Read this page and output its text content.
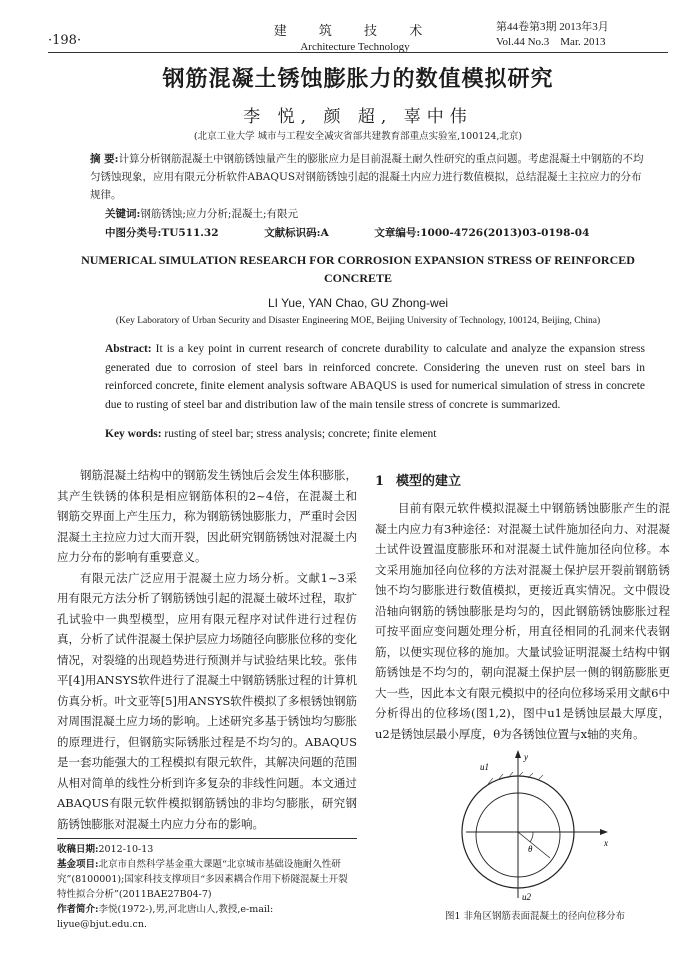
·198·
建 筑 技 术
Architecture Technology
第44卷第3期 2013年3月
Vol.44 No.3    Mar. 2013
钢筋混凝土锈蚀膨胀力的数值模拟研究
李 悦, 颜 超, 辜中伟
(北京工业大学 城市与工程安全减灾省部共建教育部重点实验室,100124,北京)
摘 要:计算分析钢筋混凝土中钢筋锈蚀量产生的膨胀应力是目前混凝土耐久性研究的重点问题。考虑混凝土中钢筋的不均匀锈蚀现象，应用有限元分析软件ABAQUS对钢筋锈蚀引起的混凝土内应力进行数值模拟，总结混凝土主拉应力的分布规律。
关键词:钢筋锈蚀;应力分析;混凝土;有限元
中图分类号:TU511.32	文献标识码:A	文章编号:1000-4726(2013)03-0198-04
NUMERICAL SIMULATION RESEARCH FOR CORROSION EXPANSION STRESS OF REINFORCED CONCRETE
LI Yue, YAN Chao, GU Zhong-wei
(Key Laboratory of Urban Security and Disaster Engineering MOE, Beijing University of Technology, 100124, Beijing, China)
Abstract: It is a key point in current research of concrete durability to calculate and analyze the expansion stress generated due to corrosion of steel bars in reinforced concrete. Considering the uneven rust on steel bars in reinforced concrete, finite element analysis software ABAQUS is used for numerical simulation of stress in concrete due to rusting of steel bar and distribution law of the main tensile stress of concrete is summarized.
Key words: rusting of steel bar; stress analysis; concrete; finite element

钢筋混凝土结构中的钢筋发生锈蚀后会发生体积膨胀，其产生铁锈的体积是相应钢筋体积的2~4倍，在混凝土和钢筋交界面上产生压力，称为钢筋锈蚀膨胀力，严重时会因混凝土主拉应力过大而开裂，因此研究钢筋锈蚀对混凝土内应力分布的影响有重要意义。

有限元法广泛应用于混凝土应力场分析。文献1~3采用有限元方法分析了钢筋锈蚀引起的混凝土破坏过程，取扩孔试验中一典型模型，应用有限元程序对试件进行过程仿真，分析了试件混凝土保护层应力场随径向膨胀位移的变化情况，对裂缝的出现趋势进行预测并与试验结果比较。张伟平[4]用ANSYS软件进行了混凝土中钢筋锈胀过程的计算机仿真分析。叶文亚等[5]用ANSYS软件模拟了多根锈蚀钢筋对周围混凝土应力场的影响。上述研究多基于锈蚀均匀膨胀的原理进行，但钢筋实际锈胀过程是不均匀的。ABAQUS是一套功能强大的工程模拟有限元软件，其解决问题的范围从相对简单的线性分析到许多复杂的非线性问题。本文通过ABAQUS有限元软件模拟钢筋锈蚀的非均匀膨胀，研究钢筋锈蚀膨胀对混凝土内应力分布的影响。

1 模型的建立

目前有限元软件模拟混凝土中钢筋锈蚀膨胀产生的混凝土内应力有3种途径：对混凝土试件施加径向力、对混凝土试件设置温度膨胀环和对混凝土试件施加径向位移。本文采用施加径向位移的方法对混凝土保护层开裂前钢筋锈蚀不均匀膨胀进行数值模拟，更接近真实情况。文中假设沿轴向钢筋的锈蚀膨胀是均匀的，因此钢筋锈蚀膨胀过程可按平面应变问题处理分析，用直径相同的孔洞来代表钢筋，以便实现位移的施加。大量试验证明混凝土结构中钢筋锈蚀是不均匀的，朝向混凝土保护层一侧的钢筋膨胀更大一些，因此本文有限元模拟中的径向位移场采用文献6中分析得出的位移场(图1,2)，图中u1是锈蚀层最大厚度，u2是锈蚀层最小厚度，θ为各锈蚀位置与x轴的夹角。

u1
y
x
θ
u2
图1 非角区钢筋表面混凝土的径向位移分布
收稿日期:2012-10-13
基金项目:北京市自然科学基金重大课题“北京城市基础设施耐久性研究”(8100001);国家科技支撑项目“多因素耦合作用下桥隧混凝土开裂特性拟合分析”(2011BAE27B04-7)
作者简介:李悦(1972-),男,河北唐山人,教授,e-mail: liyue@bjut.edu.cn.
